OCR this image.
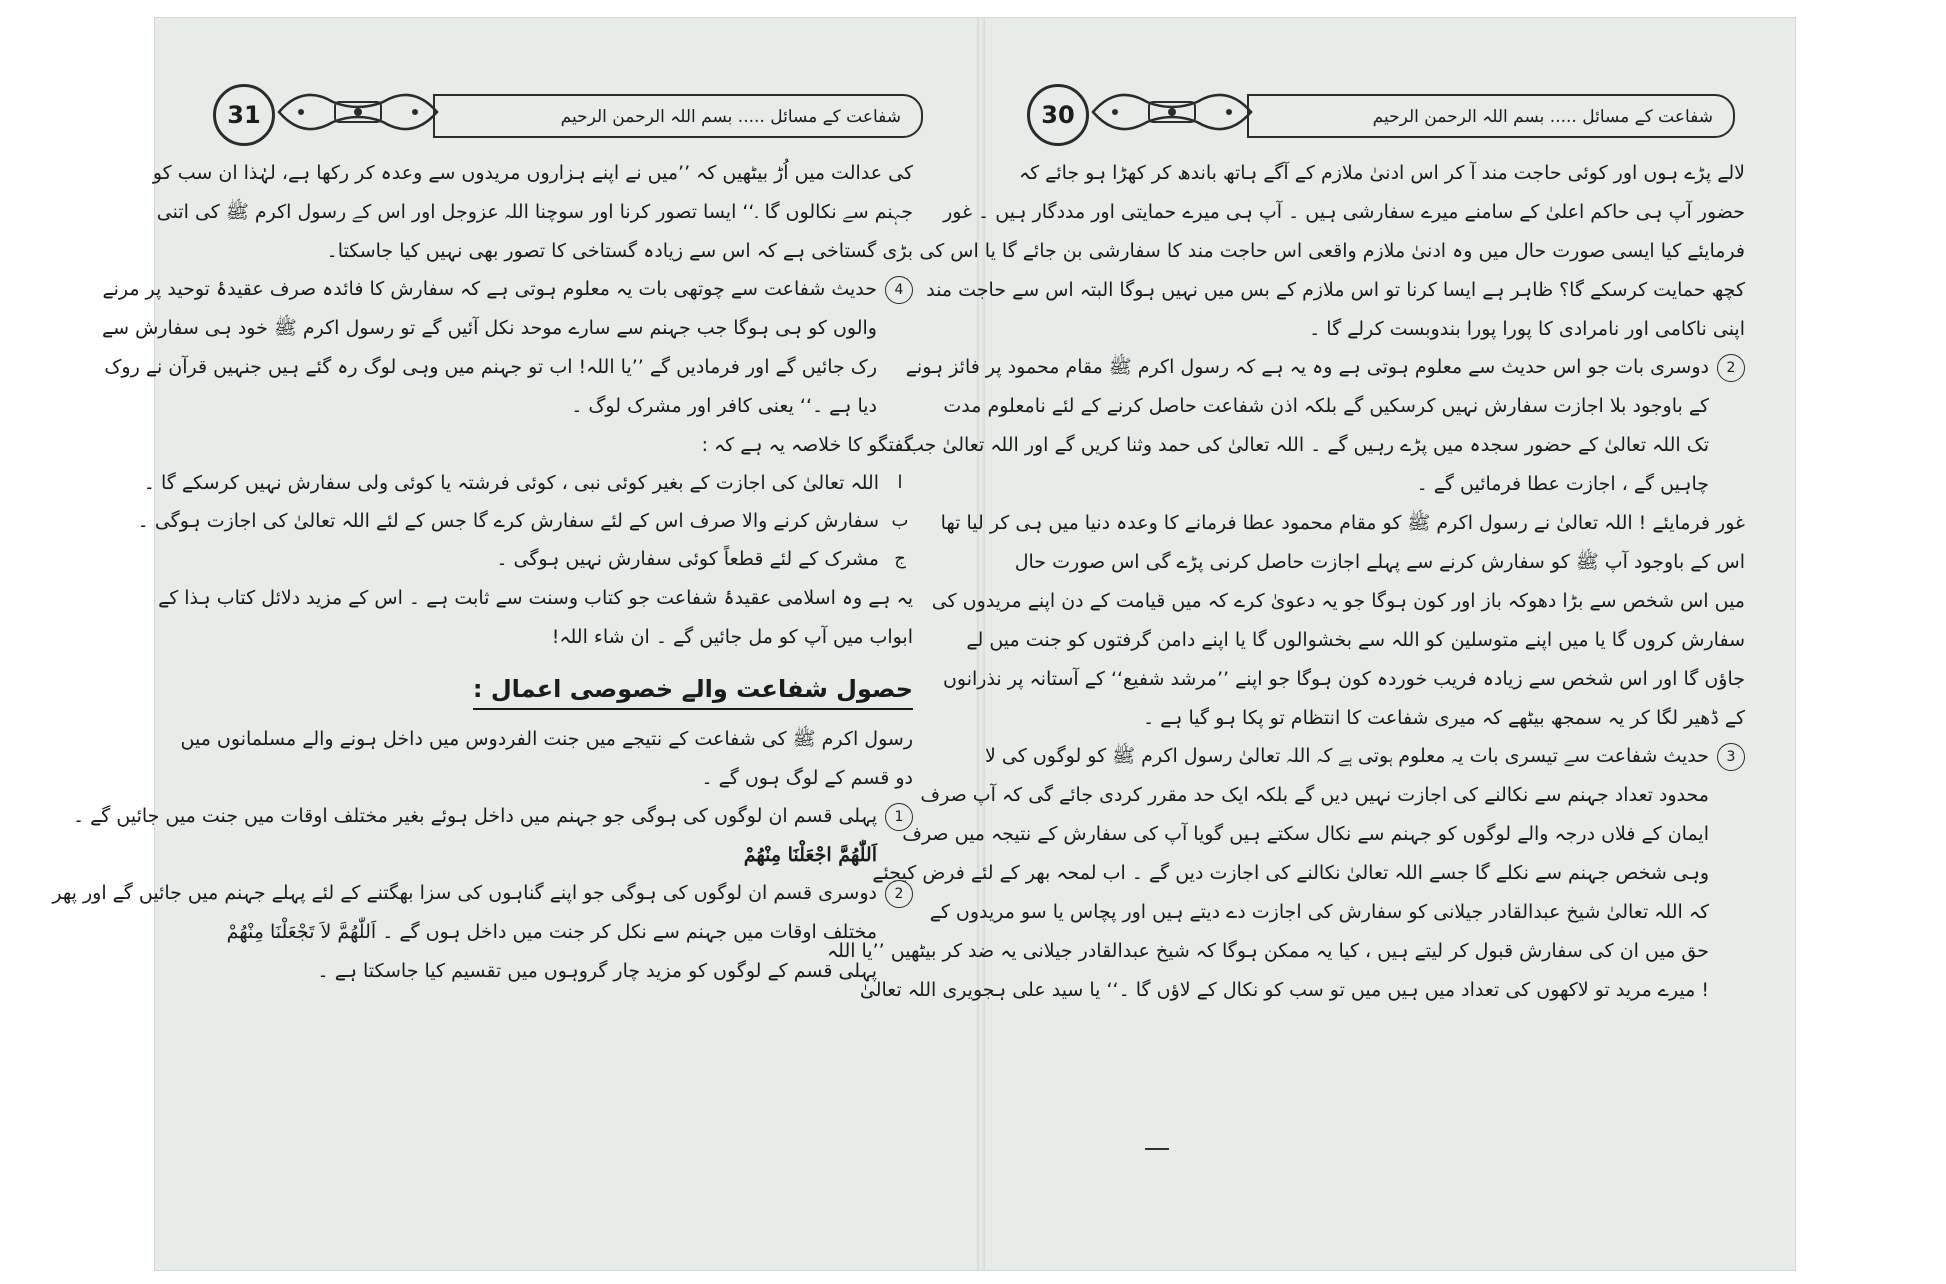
31	شفاعت کے مسائل ..... بسم اللہ الرحمن الرحیم
کی عدالت میں اُڑ بیٹھیں کہ ’’میں نے اپنے ہزاروں مریدوں سے وعدہ کر رکھا ہے، لہٰذا ان سب کو
جہنم سے نکالوں گا ۔‘‘ ایسا تصور کرنا اور سوچنا اللہ عزوجل اور اس کے رسول اکرم ﷺ کی اتنی
بڑی گستاخی ہے کہ اس سے زیادہ گستاخی کا تصور بھی نہیں کیا جاسکتا۔
4
حدیث شفاعت سے چوتھی بات یہ معلوم ہوتی ہے کہ سفارش کا فائدہ صرف عقیدۂ توحید پر مرنے
والوں کو ہی ہوگا جب جہنم سے سارے موحد نکل آئیں گے تو رسول اکرم ﷺ خود ہی سفارش سے
رک جائیں گے اور فرمادیں گے ’’یا اللہ! اب تو جہنم میں وہی لوگ رہ گئے ہیں جنہیں قرآن نے روک
دیا ہے ۔‘‘ یعنی کافر اور مشرک لوگ ۔
گفتگو کا خلاصہ یہ ہے کہ :
ا
اللہ تعالیٰ کی اجازت کے بغیر کوئی نبی ، کوئی فرشتہ یا کوئی ولی سفارش نہیں کرسکے گا ۔
ب
سفارش کرنے والا صرف اس کے لئے سفارش کرے گا جس کے لئے اللہ تعالیٰ کی اجازت ہوگی ۔
ج
مشرک کے لئے قطعاً کوئی سفارش نہیں ہوگی ۔
یہ ہے وہ اسلامی عقیدۂ شفاعت جو کتاب وسنت سے ثابت ہے ۔ اس کے مزید دلائل کتاب ہذا کے
ابواب میں آپ کو مل جائیں گے ۔ ان شاء اللہ!
حصول شفاعت والے خصوصی اعمال :
رسول اکرم ﷺ کی شفاعت کے نتیجے میں جنت الفردوس میں داخل ہونے والے مسلمانوں میں
دو قسم کے لوگ ہوں گے ۔
1
پہلی قسم ان لوگوں کی ہوگی جو جہنم میں داخل ہوئے بغیر مختلف اوقات میں جنت میں جائیں گے ۔
اَللّٰھُمَّ اجْعَلْنَا مِنْھُمْ
2
دوسری قسم ان لوگوں کی ہوگی جو اپنے گناہوں کی سزا بھگتنے کے لئے پہلے جہنم میں جائیں گے اور پھر
مختلف اوقات میں جہنم سے نکل کر جنت میں داخل ہوں گے ۔ اَللّٰھُمَّ لاَ تَجْعَلْنَا مِنْھُمْ
پہلی قسم کے لوگوں کو مزید چار گروہوں میں تقسیم کیا جاسکتا ہے ۔
30	شفاعت کے مسائل ..... بسم اللہ الرحمن الرحیم
لالے پڑے ہوں اور کوئی حاجت مند آ کر اس ادنیٰ ملازم کے آگے ہاتھ باندھ کر کھڑا ہو جائے کہ
حضور آپ ہی حاکم اعلیٰ کے سامنے میرے سفارشی ہیں ۔ آپ ہی میرے حمایتی اور مددگار ہیں ۔ غور
فرمایئے کیا ایسی صورت حال میں وہ ادنیٰ ملازم واقعی اس حاجت مند کا سفارشی بن جائے گا یا اس کی
کچھ حمایت کرسکے گا؟ ظاہر ہے ایسا کرنا تو اس ملازم کے بس میں نہیں ہوگا البتہ اس سے حاجت مند
اپنی ناکامی اور نامرادی کا پورا پورا بندوبست کرلے گا ۔
2
دوسری بات جو اس حدیث سے معلوم ہوتی ہے وہ یہ ہے کہ رسول اکرم ﷺ مقام محمود پر فائز ہونے
کے باوجود بلا اجازت سفارش نہیں کرسکیں گے بلکہ اذن شفاعت حاصل کرنے کے لئے نامعلوم مدت
تک اللہ تعالیٰ کے حضور سجدہ میں پڑے رہیں گے ۔ اللہ تعالیٰ کی حمد وثنا کریں گے اور اللہ تعالیٰ جب
چاہیں گے ، اجازت عطا فرمائیں گے ۔
غور فرمایئے ! اللہ تعالیٰ نے رسول اکرم ﷺ کو مقام محمود عطا فرمانے کا وعدہ دنیا میں ہی کر لیا تھا
اس کے باوجود آپ ﷺ کو سفارش کرنے سے پہلے اجازت حاصل کرنی پڑے گی اس صورت حال
میں اس شخص سے بڑا دھوکہ باز اور کون ہوگا جو یہ دعویٰ کرے کہ میں قیامت کے دن اپنے مریدوں کی
سفارش کروں گا یا میں اپنے متوسلین کو اللہ سے بخشوالوں گا یا اپنے دامن گرفتوں کو جنت میں لے
جاؤں گا اور اس شخص سے زیادہ فریب خوردہ کون ہوگا جو اپنے ’’مرشد شفیع‘‘ کے آستانہ پر نذرانوں
کے ڈھیر لگا کر یہ سمجھ بیٹھے کہ میری شفاعت کا انتظام تو پکا ہو گیا ہے ۔
3
حدیث شفاعت سے تیسری بات یہ معلوم ہوتی ہے کہ اللہ تعالیٰ رسول اکرم ﷺ کو لوگوں کی لا
محدود تعداد جہنم سے نکالنے کی اجازت نہیں دیں گے بلکہ ایک حد مقرر کردی جائے گی کہ آپ صرف
ایمان کے فلاں درجہ والے لوگوں کو جہنم سے نکال سکتے ہیں گویا آپ کی سفارش کے نتیجہ میں صرف
وہی شخص جہنم سے نکلے گا جسے اللہ تعالیٰ نکالنے کی اجازت دیں گے ۔ اب لمحہ بھر کے لئے فرض کیجئے
کہ اللہ تعالیٰ شیخ عبدالقادر جیلانی کو سفارش کی اجازت دے دیتے ہیں اور پچاس یا سو مریدوں کے
حق میں ان کی سفارش قبول کر لیتے ہیں ، کیا یہ ممکن ہوگا کہ شیخ عبدالقادر جیلانی یہ ضد کر بیٹھیں ’’یا اللہ
! میرے مرید تو لاکھوں کی تعداد میں ہیں میں تو سب کو نکال کے لاؤں گا ۔‘‘ یا سید علی ہجویری اللہ تعالیٰ
